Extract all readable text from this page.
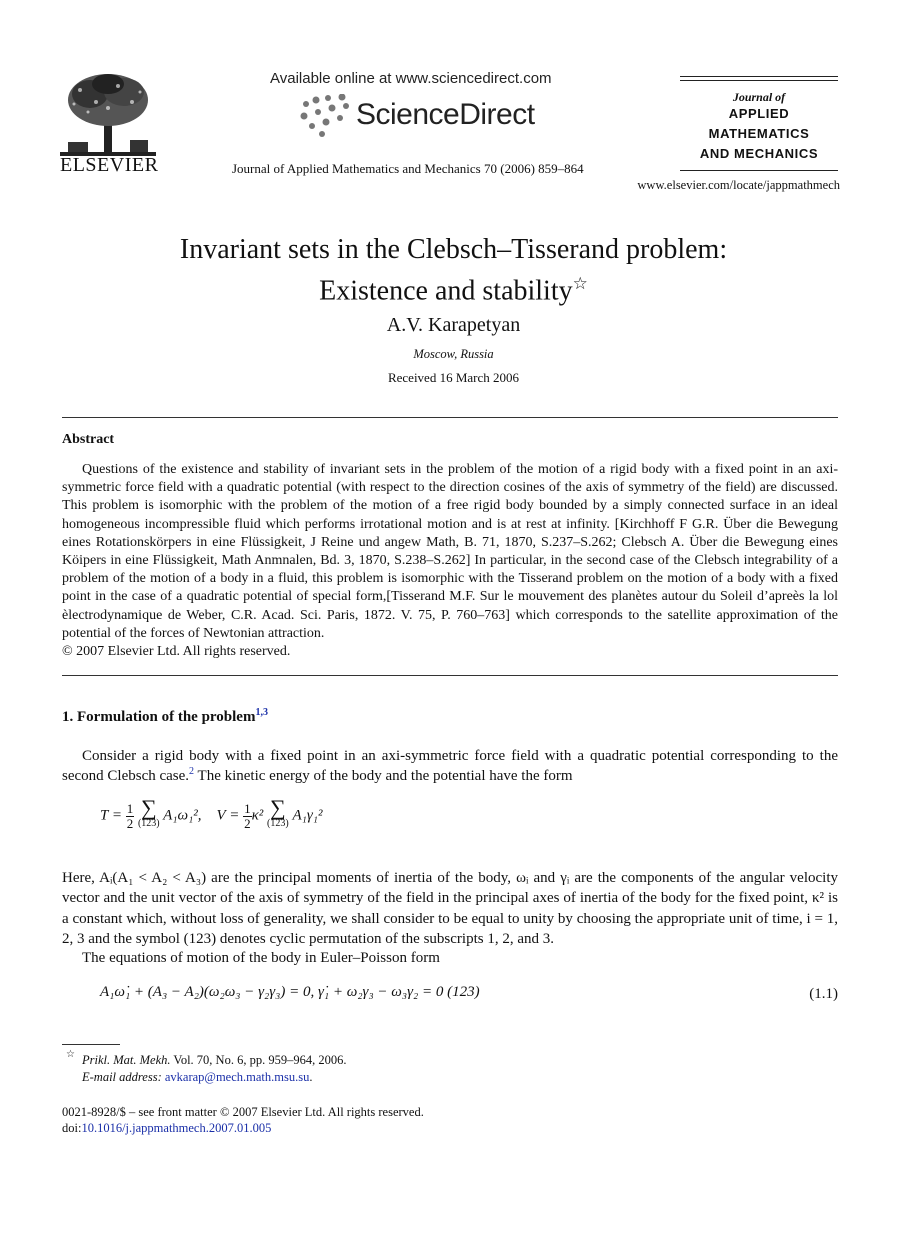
ELSEVIER
Available online at www.sciencedirect.com
ScienceDirect
Journal of Applied Mathematics and Mechanics 70 (2006) 859–864
Journal of
APPLIED
MATHEMATICS
AND MECHANICS
www.elsevier.com/locate/jappmathmech
Invariant sets in the Clebsch–Tisserand problem:
Existence and stability☆
A.V. Karapetyan
Moscow, Russia
Received 16 March 2006
Abstract
Questions of the existence and stability of invariant sets in the problem of the motion of a rigid body with a fixed point in an axi-symmetric force field with a quadratic potential (with respect to the direction cosines of the axis of symmetry of the field) are discussed. This problem is isomorphic with the problem of the motion of a free rigid body bounded by a simply connected surface in an ideal homogeneous incompressible fluid which performs irrotational motion and is at rest at infinity. [Kirchhoff F G.R. Über die Bewegung eines Rotationskörpers in eine Flüssigkeit, J Reine und angew Math, B. 71, 1870, S.237–S.262; Clebsch A. Über die Bewegung eines Köipers in eine Flüssigkeit, Math Anmnalen, Bd. 3, 1870, S.238–S.262] In particular, in the second case of the Clebsch integrability of a problem of the motion of a body in a fluid, this problem is isomorphic with the Tisserand problem on the motion of a body with a fixed point in the case of a quadratic potential of special form,[Tisserand M.F. Sur le mouvement des planètes autour du Soleil d’apreès la lol èlectrodynamique de Weber, C.R. Acad. Sci. Paris, 1872. V. 75, P. 760–763] which corresponds to the satellite approximation of the potential of the forces of Newtonian attraction.
© 2007 Elsevier Ltd. All rights reserved.
1. Formulation of the problem$^{1,3}$
Consider a rigid body with a fixed point in an axi-symmetric force field with a quadratic potential corresponding to the second Clebsch case.$^2$ The kinetic energy of the body and the potential have the form
$T = \frac{1}{2}$
∑
(123)
A₁ω₁², $V = \frac{1}{2} \kappa^2$ ∑
(123)
A₁γ₁²
Here, Aᵢ(A₁ < A₂ < A₃) are the principal moments of inertia of the body, ωᵢ and γᵢ are the components of the angular velocity vector and the unit vector of the axis of symmetry of the field in the principal axes of inertia of the body for the fixed point, κ² is a constant which, without loss of generality, we shall consider to be equal to unity by choosing the appropriate unit of time, i = 1, 2, 3 and the symbol (123) denotes cyclic permutation of the subscripts 1, 2, and 3.
The equations of motion of the body in Euler–Poisson form
A₁ω̇₁ + (A₃ − A₂)(ω₂ω₃ − γ₂γ₃) = 0, γ̇₁ + ω₂γ₃ − ω₃γ₂ = 0 (123)	(1.1)
☆ Prikl. Mat. Mekh. Vol. 70, No. 6, pp. 959–964, 2006.
E-mail address: avkarap@mech.math.msu.su.
0021-8928/$ – see front matter © 2007 Elsevier Ltd. All rights reserved.
doi:10.1016/j.jappmathmech.2007.01.005
